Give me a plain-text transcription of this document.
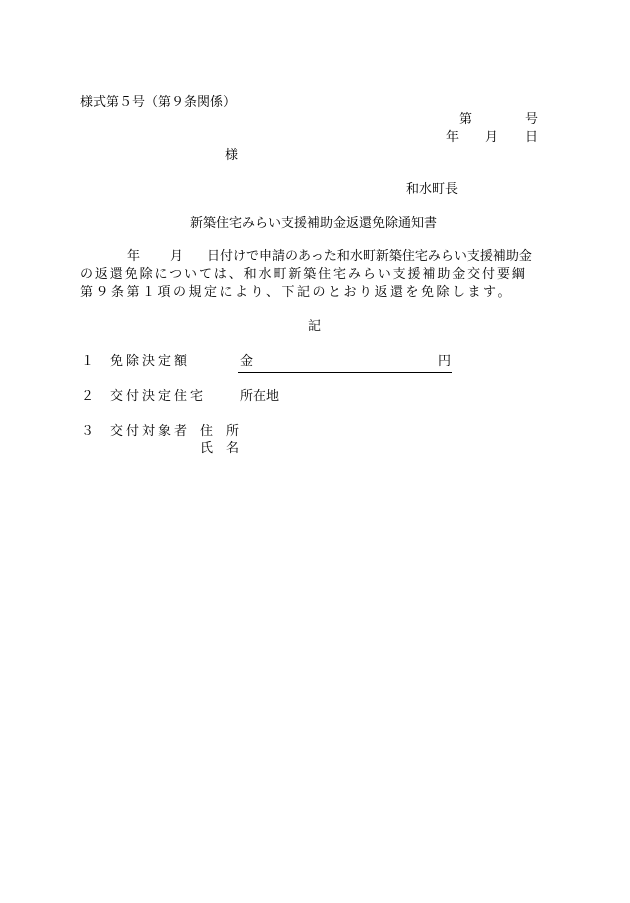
様式第５号（第９条関係）
第	号
年 月 日
様
和水町長
新築住宅みらい支援補助金返還免除通知書
年 月 日付けで申請のあった和水町新築住宅みらい支援補助金
の返還免除については、和水町新築住宅みらい支援補助金交付要綱
第９条第１項の規定により、下記のとおり返還を免除します。
記
１ 免除決定額	金	円
２ 交付決定住宅	所在地
３ 交付対象者 住　所
氏　名
